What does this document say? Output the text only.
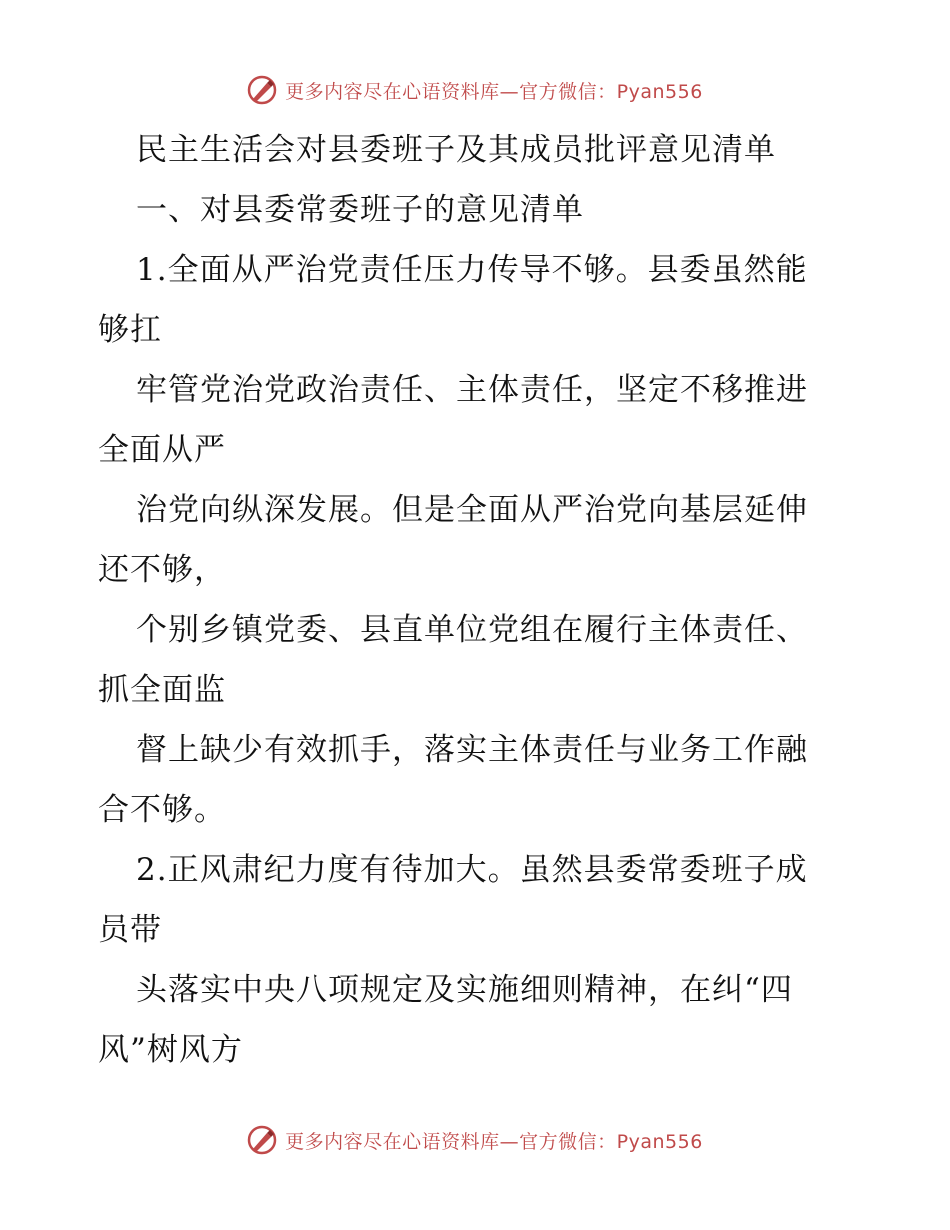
更多内容尽在心语资料库—官方微信：Pyan556
民主生活会对县委班子及其成员批评意见清单
一、对县委常委班子的意见清单
1.全面从严治党责任压力传导不够。县委虽然能
够扛
牢管党治党政治责任、主体责任，坚定不移推进
全面从严
治党向纵深发展。但是全面从严治党向基层延伸
还不够，
个别乡镇党委、县直单位党组在履行主体责任、
抓全面监
督上缺少有效抓手，落实主体责任与业务工作融
合不够。
2.正风肃纪力度有待加大。虽然县委常委班子成
员带
头落实中央八项规定及实施细则精神，在纠“四
风”树风方
更多内容尽在心语资料库—官方微信：Pyan556
